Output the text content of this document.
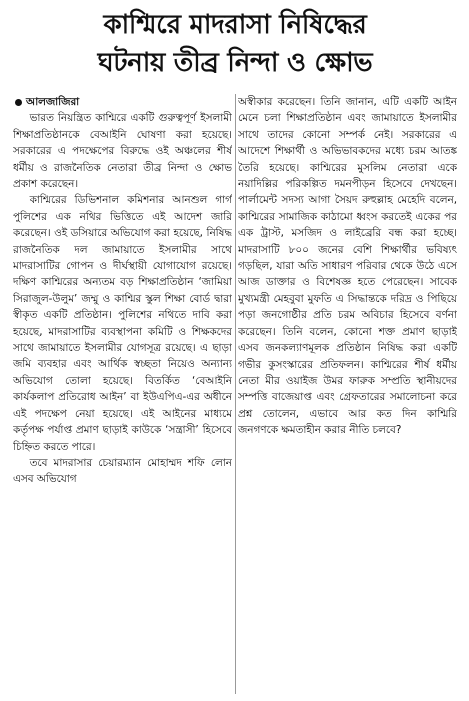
কাশ্মিরে মাদরাসা নিষিদ্ধের
ঘটনায় তীব্র নিন্দা ও ক্ষোভ
আলজাজিরা

ভারত নিয়ন্ত্রিত কাশ্মিরে একটি গুরুত্বপূর্ণ ইসলামী শিক্ষাপ্রতিষ্ঠানকে বেআইনি ঘোষণা করা হয়েছে। সরকারের এ পদক্ষেপের বিরুদ্ধে ওই অঞ্চলের শীর্ষ ধর্মীয় ও রাজনৈতিক নেতারা তীব্র নিন্দা ও ক্ষোভ প্রকাশ করেছেন।

কাশ্মিরের ডিভিশনাল কমিশনার আনশুল গার্গ পুলিশের এক নথির ভিত্তিতে এই আদেশ জারি করেছেন। ওই ডসিয়ারে অভিযোগ করা হয়েছে, নিষিদ্ধ রাজনৈতিক দল জামায়াতে ইসলামীর সাথে মাদরাসাটির গোপন ও দীর্ঘস্থায়ী যোগাযোগ রয়েছে। দক্ষিণ কাশ্মিরের অন্যতম বড় শিক্ষাপ্রতিষ্ঠান ‘জামিয়া সিরাজুল-উলুম’ জম্মু ও কাশ্মির স্কুল শিক্ষা বোর্ড দ্বারা স্বীকৃত একটি প্রতিষ্ঠান। পুলিশের নথিতে দাবি করা হয়েছে, মাদরাসাটির ব্যবস্থাপনা কমিটি ও শিক্ষকদের সাথে জামায়াতে ইসলামীর যোগসূত্র রয়েছে। এ ছাড়া জমি ব্যবহার এবং আর্থিক স্বচ্ছতা নিয়েও অন্যান্য অভিযোগ তোলা হয়েছে। বিতর্কিত ‘বেআইনি কার্যকলাপ প্রতিরোধ আইন’ বা ইউএপিএ-এর অধীনে এই পদক্ষেপ নেয়া হয়েছে। এই আইনের মাধ্যমে কর্তৃপক্ষ পর্যাপ্ত প্রমাণ ছাড়াই কাউকে ‘সন্ত্রাসী’ হিসেবে চিহ্নিত করতে পারে।

তবে মাদরাসার চেয়ারম্যান মোহাম্মদ শফি লোন এসব অভিযোগ

অস্বীকার করেছেন। তিনি জানান, এটি একটি আইন মেনে চলা শিক্ষাপ্রতিষ্ঠান এবং জামায়াতে ইসলামীর সাথে তাদের কোনো সম্পর্ক নেই। সরকারের এ আদেশে শিক্ষার্থী ও অভিভাবকদের মধ্যে চরম আতঙ্ক তৈরি হয়েছে। কাশ্মিরের মুসলিম নেতারা একে নয়াদিল্লির পরিকল্পিত দমনপীড়ন হিসেবে দেখছেন। পার্লামেন্ট সদস্য আগা সৈয়দ রুহুল্লাহ মেহেদি বলেন, কাশ্মিরের সামাজিক কাঠামো ধ্বংস করতেই একের পর এক ট্রাস্ট, মসজিদ ও লাইব্রেরি বন্ধ করা হচ্ছে। মাদরাসাটি ৮০০ জনের বেশি শিক্ষার্থীর ভবিষ্যৎ গড়ছিল, যারা অতি সাধারণ পরিবার থেকে উঠে এসে আজ ডাক্তার ও বিশেষজ্ঞ হতে পেরেছেন। সাবেক মুখ্যমন্ত্রী মেহবুবা মুফতি এ সিদ্ধান্তকে দরিদ্র ও পিছিয়ে পড়া জনগোষ্ঠীর প্রতি চরম অবিচার হিসেবে বর্ণনা করেছেন। তিনি বলেন, কোনো শক্ত প্রমাণ ছাড়াই এসব জনকল্যাণমূলক প্রতিষ্ঠান নিষিদ্ধ করা একটি গভীর কুসংস্কারের প্রতিফলন। কাশ্মিরের শীর্ষ ধর্মীয় নেতা মীর ওয়াইজ উমর ফারুক সম্প্রতি স্থানীয়দের সম্পত্তি বাজেয়াপ্ত এবং গ্রেফতারের সমালোচনা করে প্রশ্ন তোলেন, এভাবে আর কত দিন কাশ্মিরি জনগণকে ক্ষমতাহীন করার নীতি চলবে?
